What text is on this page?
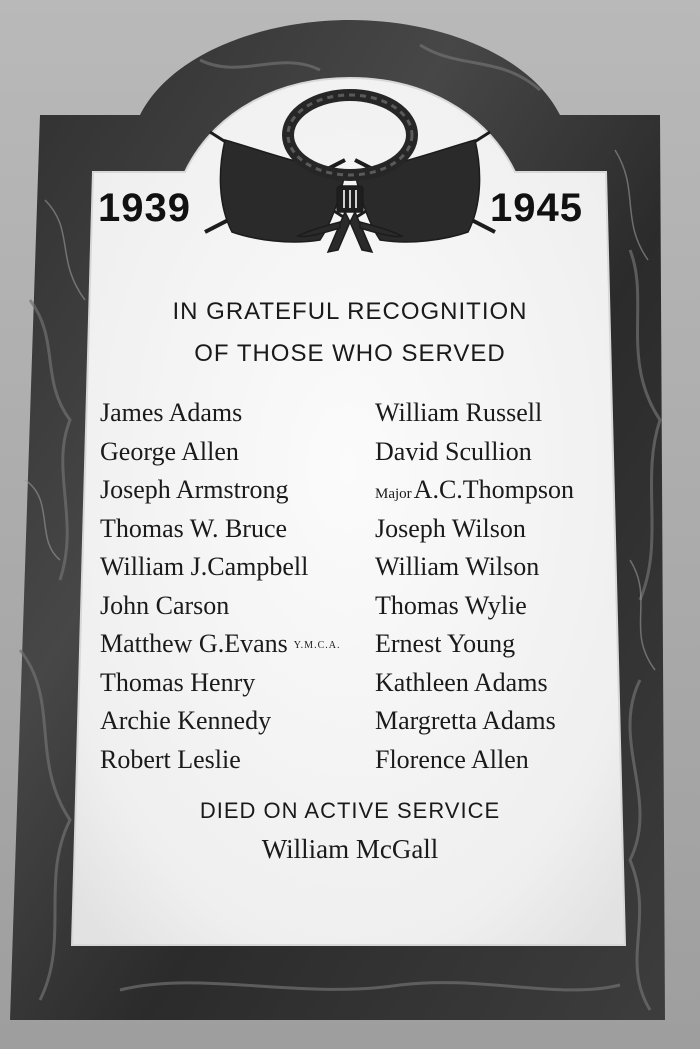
1939	1945
IN GRATEFUL RECOGNITION
OF THOSE WHO SERVED
James Adams
George Allen
Joseph Armstrong
Thomas W. Bruce
William J.Campbell
John Carson
Matthew G.Evans Y.M.C.A.
Thomas Henry
Archie Kennedy
Robert Leslie
William Russell
David Scullion
MajorA.C.Thompson
Joseph Wilson
William Wilson
Thomas Wylie
Ernest Young
Kathleen Adams
Margretta Adams
Florence Allen
DIED ON ACTIVE SERVICE
William McGall
